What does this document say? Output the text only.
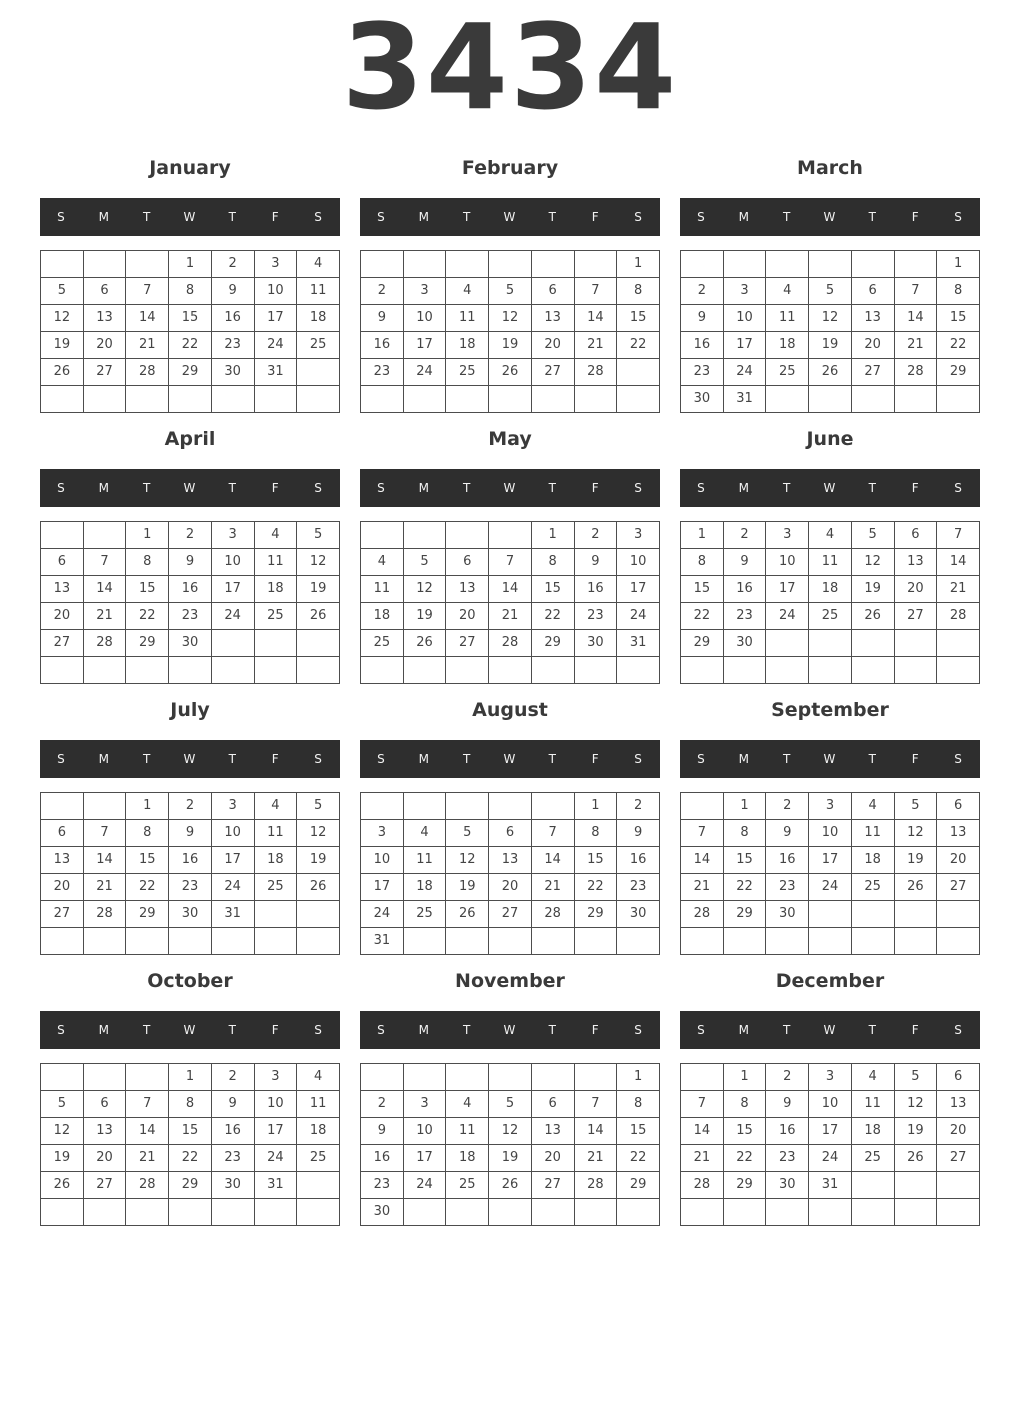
3434
January
S	M	T	W	T	F	S
			1	2	3	4
5	6	7	8	9	10	11
12	13	14	15	16	17	18
19	20	21	22	23	24	25
26	27	28	29	30	31	

February
S	M	T	W	T	F	S
						1
2	3	4	5	6	7	8
9	10	11	12	13	14	15
16	17	18	19	20	21	22
23	24	25	26	27	28	

March
S	M	T	W	T	F	S
						1
2	3	4	5	6	7	8
9	10	11	12	13	14	15
16	17	18	19	20	21	22
23	24	25	26	27	28	29
30	31					
April
S	M	T	W	T	F	S
		1	2	3	4	5
6	7	8	9	10	11	12
13	14	15	16	17	18	19
20	21	22	23	24	25	26
27	28	29	30			

May
S	M	T	W	T	F	S
				1	2	3
4	5	6	7	8	9	10
11	12	13	14	15	16	17
18	19	20	21	22	23	24
25	26	27	28	29	30	31

June
S	M	T	W	T	F	S
1	2	3	4	5	6	7
8	9	10	11	12	13	14
15	16	17	18	19	20	21
22	23	24	25	26	27	28
29	30					

July
S	M	T	W	T	F	S
		1	2	3	4	5
6	7	8	9	10	11	12
13	14	15	16	17	18	19
20	21	22	23	24	25	26
27	28	29	30	31		

August
S	M	T	W	T	F	S
					1	2
3	4	5	6	7	8	9
10	11	12	13	14	15	16
17	18	19	20	21	22	23
24	25	26	27	28	29	30
31						
September
S	M	T	W	T	F	S
	1	2	3	4	5	6
7	8	9	10	11	12	13
14	15	16	17	18	19	20
21	22	23	24	25	26	27
28	29	30				

October
S	M	T	W	T	F	S
			1	2	3	4
5	6	7	8	9	10	11
12	13	14	15	16	17	18
19	20	21	22	23	24	25
26	27	28	29	30	31	

November
S	M	T	W	T	F	S
						1
2	3	4	5	6	7	8
9	10	11	12	13	14	15
16	17	18	19	20	21	22
23	24	25	26	27	28	29
30						
December
S	M	T	W	T	F	S
	1	2	3	4	5	6
7	8	9	10	11	12	13
14	15	16	17	18	19	20
21	22	23	24	25	26	27
28	29	30	31			
